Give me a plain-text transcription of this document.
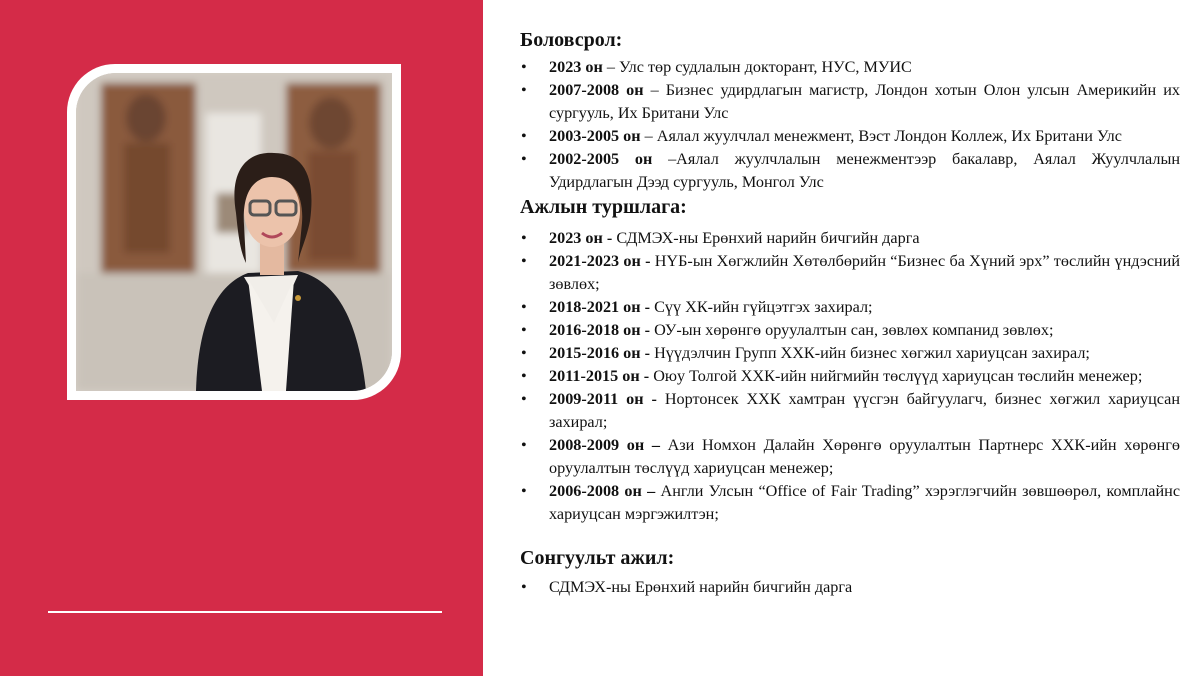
Боловсрол:
• 2023 он – Улс төр судлалын докторант, НУС, МУИС
• 2007-2008 он – Бизнес удирдлагын магистр, Лондон хотын Олон улсын Америкийн их сургууль, Их Британи Улс
• 2003-2005 он – Аялал жуулчлал менежмент, Вэст Лондон Коллеж, Их Британи Улс
• 2002-2005 он –Аялал жуулчлалын менежментээр бакалавр, Аялал Жуулчлалын Удирдлагын Дээд сургууль, Монгол Улс
Ажлын туршлага:
• 2023 он - СДМЭХ-ны Ерөнхий нарийн бичгийн дарга
• 2021-2023 он - НҮБ-ын Хөгжлийн Хөтөлбөрийн “Бизнес ба Хүний эрх” төслийн үндэсний зөвлөх;
• 2018-2021 он - Сүү ХК-ийн гүйцэтгэх захирал;
• 2016-2018 он - ОУ-ын хөрөнгө оруулалтын сан, зөвлөх компанид зөвлөх;
• 2015-2016 он - Нүүдэлчин Групп ХХК-ийн бизнес хөгжил хариуцсан захирал;
• 2011-2015 он - Оюу Толгой ХХК-ийн нийгмийн төслүүд хариуцсан төслийн менежер;
• 2009-2011 он - Нортонсек ХХК хамтран үүсгэн байгуулагч, бизнес хөгжил хариуцсан захирал;
• 2008-2009 он – Ази Номхон Далайн Хөрөнгө оруулалтын Партнерс ХХК-ийн хөрөнгө оруулалтын төслүүд хариуцсан менежер;
• 2006-2008 он – Англи Улсын “Office of Fair Trading” хэрэглэгчийн зөвшөөрөл, комплайнс хариуцсан мэргэжилтэн;
Сонгуульт ажил:
• СДМЭХ-ны Ерөнхий нарийн бичгийн дарга
